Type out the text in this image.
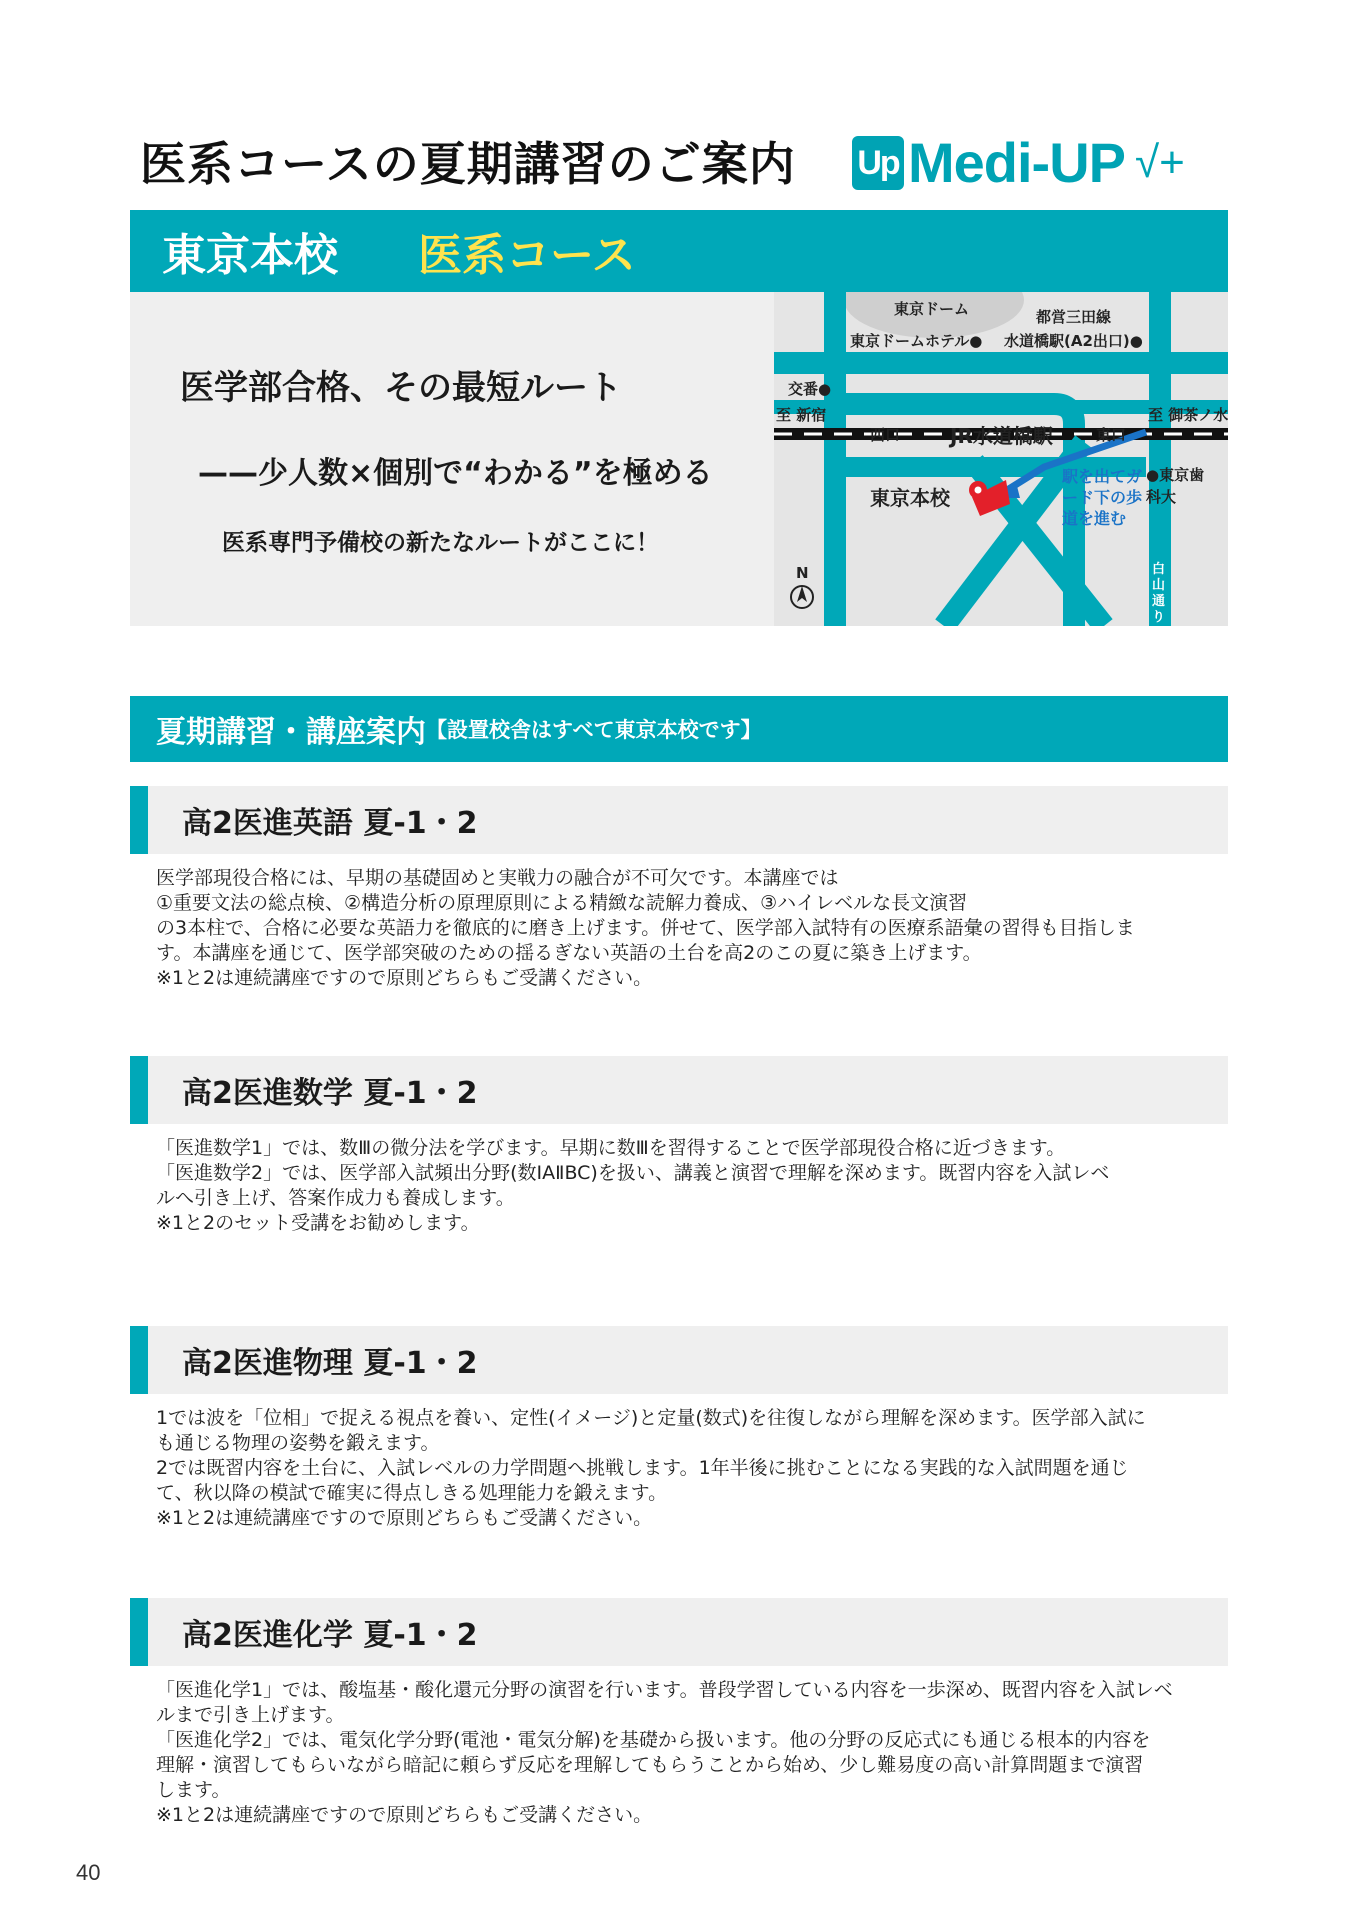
医系コースの夏期講習のご案内 Up Medi-UP √+
東京本校 医系コース
医学部合格、その最短ルート
——少人数×個別で“わかる”を極める
医系専門予備校の新たなルートがここに！
東京ドーム	都営三田線
東京ドームホテル● 水道橋駅(A2出口)●
交番●
至 新宿	至 御茶ノ水
西口 JR水道橋駅	東口
東京本校
駅を出てガード下の歩道を進む
●東京歯科大
白山通り
N
夏期講習・講座案内 【設置校舎はすべて東京本校です】
高2医進英語 夏-1・2

医学部現役合格には、早期の基礎固めと実戦力の融合が不可欠です。本講座では

①重要文法の総点検、②構造分析の原理原則による精緻な読解力養成、③ハイレベルな長文演習

の3本柱で、合格に必要な英語力を徹底的に磨き上げます。併せて、医学部入試特有の医療系語彙の習得も目指しま

す。本講座を通じて、医学部突破のための揺るぎない英語の土台を高2のこの夏に築き上げます。

※1と2は連続講座ですので原則どちらもご受講ください。

高2医進数学 夏-1・2

「医進数学1」では、数Ⅲの微分法を学びます。早期に数Ⅲを習得することで医学部現役合格に近づきます。

「医進数学2」では、医学部入試頻出分野(数ⅠAⅡBC)を扱い、講義と演習で理解を深めます。既習内容を入試レベ

ルへ引き上げ、答案作成力も養成します。

※1と2のセット受講をお勧めします。

高2医進物理 夏-1・2

1では波を「位相」で捉える視点を養い、定性(イメージ)と定量(数式)を往復しながら理解を深めます。医学部入試に

も通じる物理の姿勢を鍛えます。

2では既習内容を土台に、入試レベルの力学問題へ挑戦します。1年半後に挑むことになる実践的な入試問題を通じ

て、秋以降の模試で確実に得点しきる処理能力を鍛えます。

※1と2は連続講座ですので原則どちらもご受講ください。

高2医進化学 夏-1・2

「医進化学1」では、酸塩基・酸化還元分野の演習を行います。普段学習している内容を一歩深め、既習内容を入試レベ

ルまで引き上げます。

「医進化学2」では、電気化学分野(電池・電気分解)を基礎から扱います。他の分野の反応式にも通じる根本的内容を

理解・演習してもらいながら暗記に頼らず反応を理解してもらうことから始め、少し難易度の高い計算問題まで演習

します。

※1と2は連続講座ですので原則どちらもご受講ください。

40
